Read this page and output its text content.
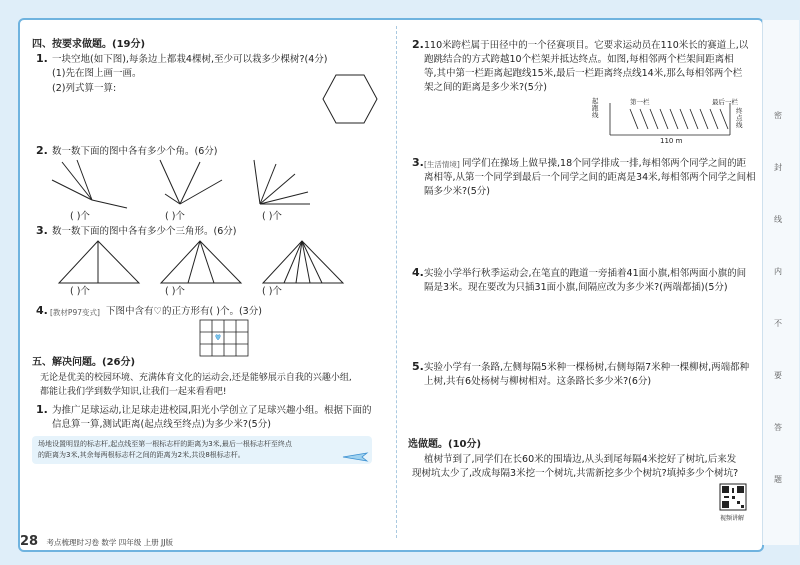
四、按要求做题。(19分)
1. 一块空地(如下图),每条边上都栽4棵树,至少可以栽多少棵树?(4分)
(1)先在图上画一画。
(2)列式算一算:
2. 数一数下面的图中各有多少个角。(6分)
( )个	( )个	( )个
3. 数一数下面的图中各有多少个三角形。(6分)
( )个	( )个	( )个
4. [教材P97变式] 下图中含有♡的正方形有( )个。(3分)
五、解决问题。(26分)
无论是优美的校园环境、充满体育文化的运动会,还是能够展示自我的兴趣小组,
都能让我们学到数学知识,让我们一起来看看吧!
1. 为推广足球运动,让足球走进校园,阳光小学创立了足球兴趣小组。根据下面的
信息算一算,测试距离(起点线至终点)为多少米?(5分)
场地设置明显的标志杆,起点线至第一根标志杆的距离为3米,最后一根标志杆至终点
的距离为3米,其余每两根标志杆之间的距离为2米,共设8根标志杆。
28 考点梳理时习卷 数学 四年级 上册 JJ版
2. 110米跨栏属于田径中的一个径赛项目。它要求运动员在110米长的赛道上,以
跑跳结合的方式跨越10个栏架并抵达终点。如图,每相邻两个栏架间距离相
等,其中第一栏距离起跑线15米,最后一栏距离终点线14米,那么每相邻两个栏
架之间的距离是多少米?(5分)
起跑线
第一栏	最后一栏
终点线
110 m
3. [生活情境] 同学们在操场上做早操,18个同学排成一排,每相邻两个同学之间的距
离相等,从第一个同学到最后一个同学之间的距离是34米,每相邻两个同学之间相
隔多少米?(5分)
4. 实验小学举行秋季运动会,在笔直的跑道一旁插着41面小旗,相邻两面小旗的间
隔是3米。现在要改为只插31面小旗,间隔应改为多少米?(两端都插)(5分)
5. 实验小学有一条路,左侧每隔5米种一棵杨树,右侧每隔7米种一棵柳树,两端都种
上树,共有6处杨树与柳树相对。这条路长多少米?(6分)
选做题。(10分)
植树节到了,同学们在长60米的围墙边,从头到尾每隔4米挖好了树坑,后来发
现树坑太少了,改成每隔3米挖一个树坑,共需新挖多少个树坑?填掉多少个树坑?
视频讲解
密
封
线
内
不
要
答
题
